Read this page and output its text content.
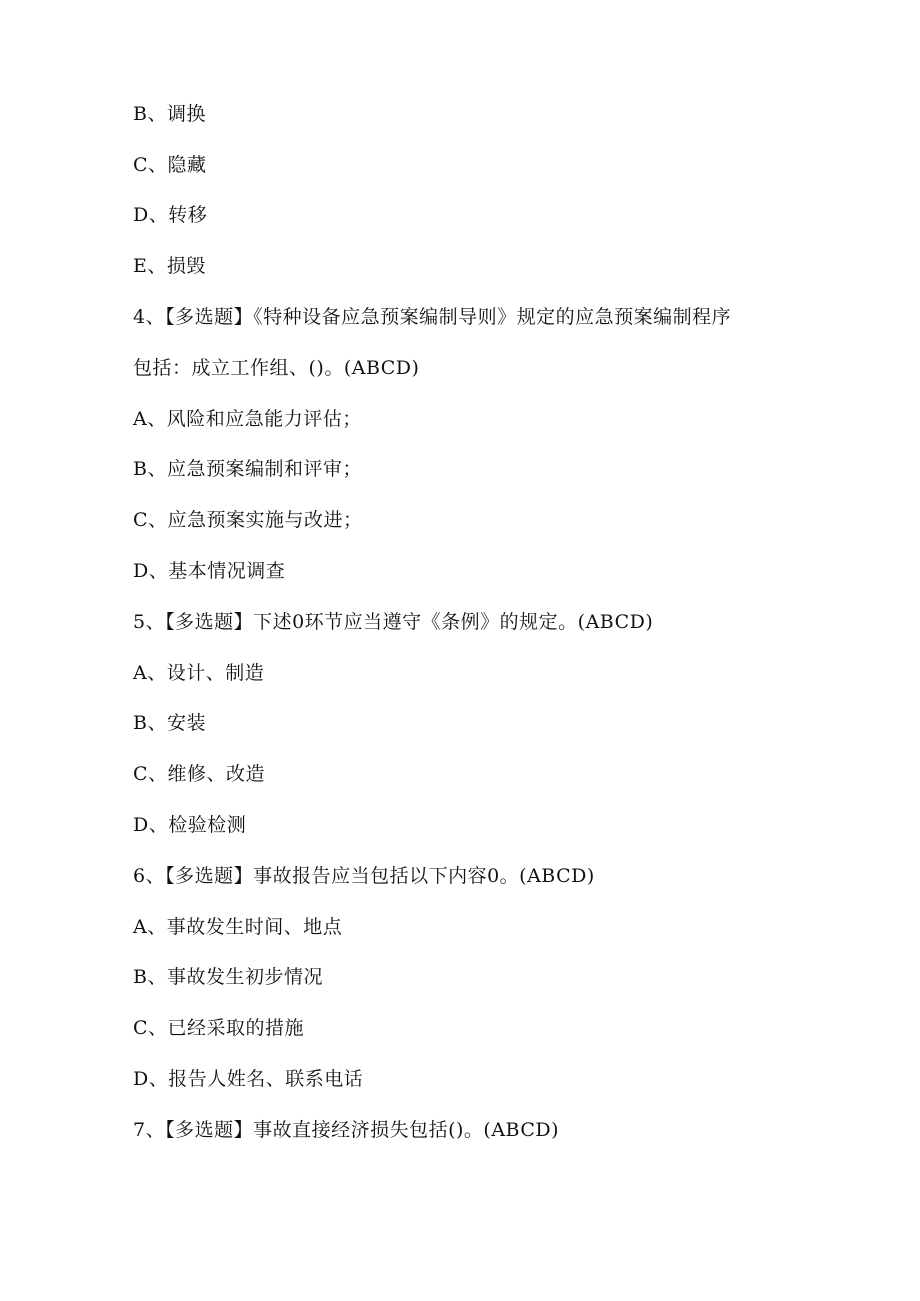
B、调换
C、隐藏
D、转移
E、损毁
4、【多选题】《特种设备应急预案编制导则》规定的应急预案编制程序
包括：成立工作组、()。(ABCD)
A、风险和应急能力评估；
B、应急预案编制和评审；
C、应急预案实施与改进；
D、基本情况调查
5、【多选题】下述0环节应当遵守《条例》的规定。(ABCD)
A、设计、制造
B、安装
C、维修、改造
D、检验检测
6、【多选题】事故报告应当包括以下内容0。(ABCD)
A、事故发生时间、地点
B、事故发生初步情况
C、已经采取的措施
D、报告人姓名、联系电话
7、【多选题】事故直接经济损失包括()。(ABCD)
